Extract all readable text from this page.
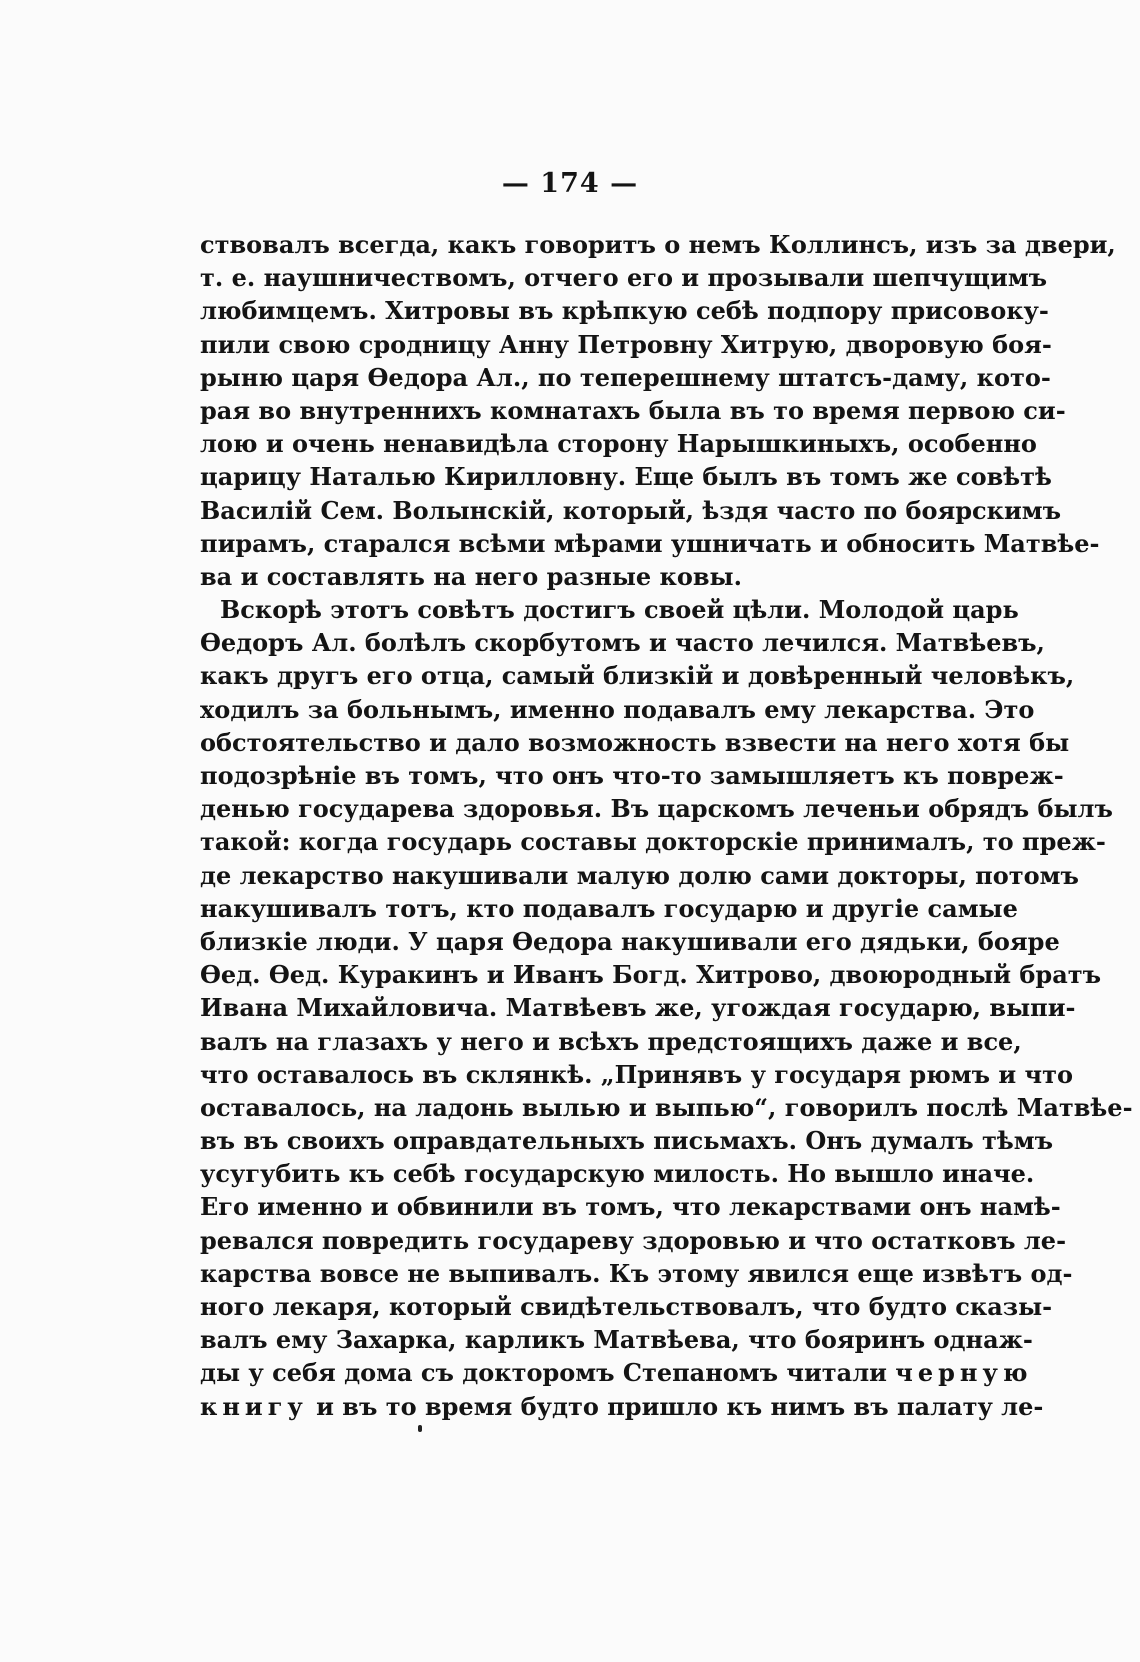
— 174 —
ствовалъ всегда, какъ говоритъ о немъ Коллинсъ, изъ за двери,
т. е. наушничествомъ, отчего его и прозывали шепчущимъ
любимцемъ. Хитровы въ крѣпкую себѣ подпору присовоку-
пили свою сродницу Анну Петровну Хитрую, дворовую боя-
рыню царя Ѳедора Ал., по теперешнему штатсъ-даму, кото-
рая во внутреннихъ комнатахъ была въ то время первою си-
лою и очень ненавидѣла сторону Нарышкиныхъ, особенно
царицу Наталью Кирилловну. Еще былъ въ томъ же совѣтѣ
Василій Сем. Волынскій, который, ѣздя часто по боярскимъ
пирамъ, старался всѣми мѣрами ушничать и обносить Матвѣе-
ва и составлять на него разные ковы.
Вскорѣ этотъ совѣтъ достигъ своей цѣли. Молодой царь
Ѳедоръ Ал. болѣлъ скорбутомъ и часто лечился. Матвѣевъ,
какъ другъ его отца, самый близкій и довѣренный человѣкъ,
ходилъ за больнымъ, именно подавалъ ему лекарства. Это
обстоятельство и дало возможность взвести на него хотя бы
подозрѣніе въ томъ, что онъ что-то замышляетъ къ повреж-
денью государева здоровья. Въ царскомъ леченьи обрядъ былъ
такой: когда государь составы докторскіе принималъ, то преж-
де лекарство накушивали малую долю сами докторы, потомъ
накушивалъ тотъ, кто подавалъ государю и другіе самые
близкіе люди. У царя Ѳедора накушивали его дядьки, бояре
Ѳед. Ѳед. Куракинъ и Иванъ Богд. Хитрово, двоюродный братъ
Ивана Михайловича. Матвѣевъ же, угождая государю, выпи-
валъ на глазахъ у него и всѣхъ предстоящихъ даже и все,
что оставалось въ склянкѣ. „Принявъ у государя рюмъ и что
оставалось, на ладонь вылью и выпью“, говорилъ послѣ Матвѣе-
въ въ своихъ оправдательныхъ письмахъ. Онъ думалъ тѣмъ
усугубить къ себѣ государскую милость. Но вышло иначе.
Его именно и обвинили въ томъ, что лекарствами онъ намѣ-
ревался повредить государеву здоровью и что остатковъ ле-
карства вовсе не выпивалъ. Къ этому явился еще извѣтъ од-
ного лекаря, который свидѣтельствовалъ, что будто сказы-
валъ ему Захарка, карликъ Матвѣева, что бояринъ однаж-
ды у себя дома съ докторомъ Степаномъ читали черную
книгу и въ то время будто пришло къ нимъ въ палату ле-
